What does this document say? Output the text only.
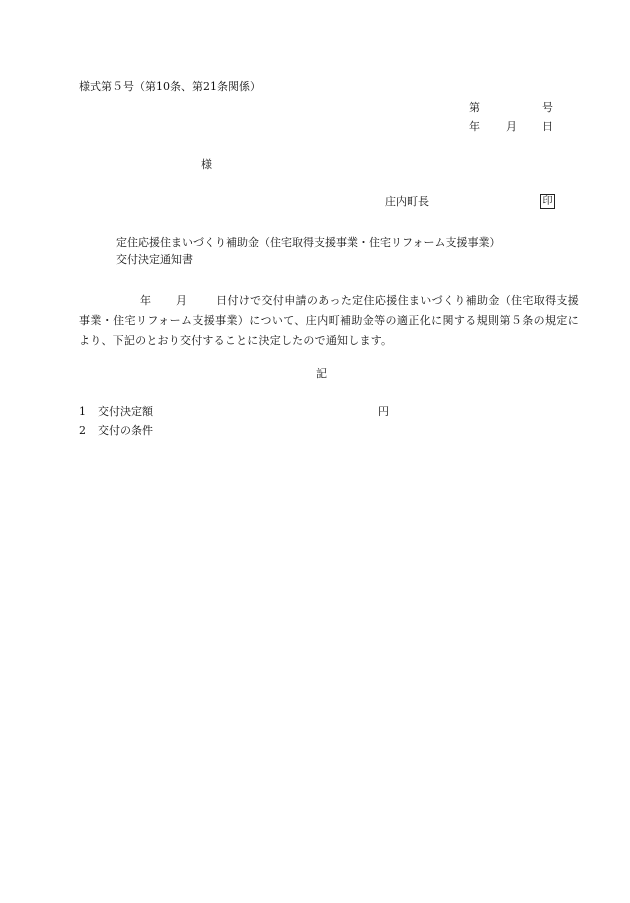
様式第５号（第10条、第21条関係）
第	号
年 月 日
様
庄内町長	印
定住応援住まいづくり補助金（住宅取得支援事業・住宅リフォーム支援事業）
交付決定通知書
年 月	日付けで交付申請のあった定住応援住まいづくり補助金（住宅取得支援事業・住宅リフォーム支援事業）について、庄内町補助金等の適正化に関する規則第５条の規定により、下記のとおり交付することに決定したので通知します。
記
1 交付決定額	円
2 交付の条件
